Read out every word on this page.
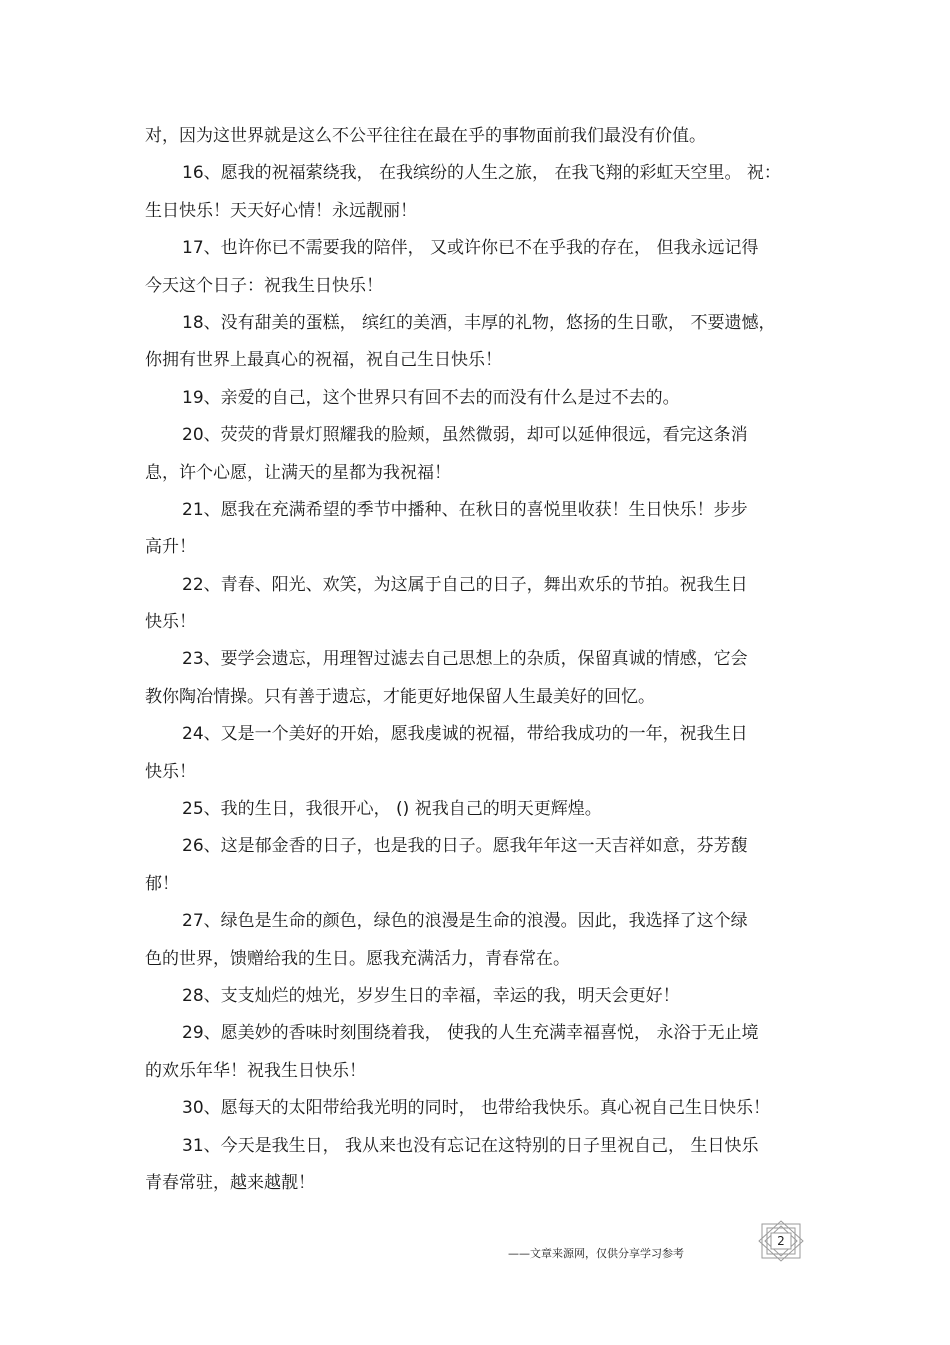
对，因为这世界就是这么不公平往往在最在乎的事物面前我们最没有价值。
16、愿我的祝福萦绕我， 在我缤纷的人生之旅， 在我飞翔的彩虹天空里。 祝：
生日快乐！天天好心情！永远靓丽！
17、也许你已不需要我的陪伴， 又或许你已不在乎我的存在， 但我永远记得
今天这个日子：祝我生日快乐！
18、没有甜美的蛋糕， 缤红的美酒，丰厚的礼物，悠扬的生日歌， 不要遗憾，
你拥有世界上最真心的祝福，祝自己生日快乐！
19、亲爱的自己，这个世界只有回不去的而没有什么是过不去的。
20、荧荧的背景灯照耀我的脸颊，虽然微弱，却可以延伸很远，看完这条消
息，许个心愿，让满天的星都为我祝福！
21、愿我在充满希望的季节中播种、在秋日的喜悦里收获！生日快乐！步步
高升！
22、青春、阳光、欢笑，为这属于自己的日子，舞出欢乐的节拍。祝我生日
快乐！
23、要学会遗忘，用理智过滤去自己思想上的杂质，保留真诚的情感，它会
教你陶冶情操。只有善于遗忘，才能更好地保留人生最美好的回忆。
24、又是一个美好的开始，愿我虔诚的祝福，带给我成功的一年，祝我生日
快乐！
25、我的生日，我很开心， () 祝我自己的明天更辉煌。
26、这是郁金香的日子，也是我的日子。愿我年年这一天吉祥如意，芬芳馥
郁！
27、绿色是生命的颜色，绿色的浪漫是生命的浪漫。因此，我选择了这个绿
色的世界，馈赠给我的生日。愿我充满活力，青春常在。
28、支支灿烂的烛光，岁岁生日的幸福，幸运的我，明天会更好！
29、愿美妙的香味时刻围绕着我， 使我的人生充满幸福喜悦， 永浴于无止境
的欢乐年华！祝我生日快乐！
30、愿每天的太阳带给我光明的同时， 也带给我快乐。真心祝自己生日快乐！
31、今天是我生日， 我从来也没有忘记在这特别的日子里祝自己， 生日快乐
青春常驻，越来越靓！
——文章来源网，仅供分享学习参考
2
